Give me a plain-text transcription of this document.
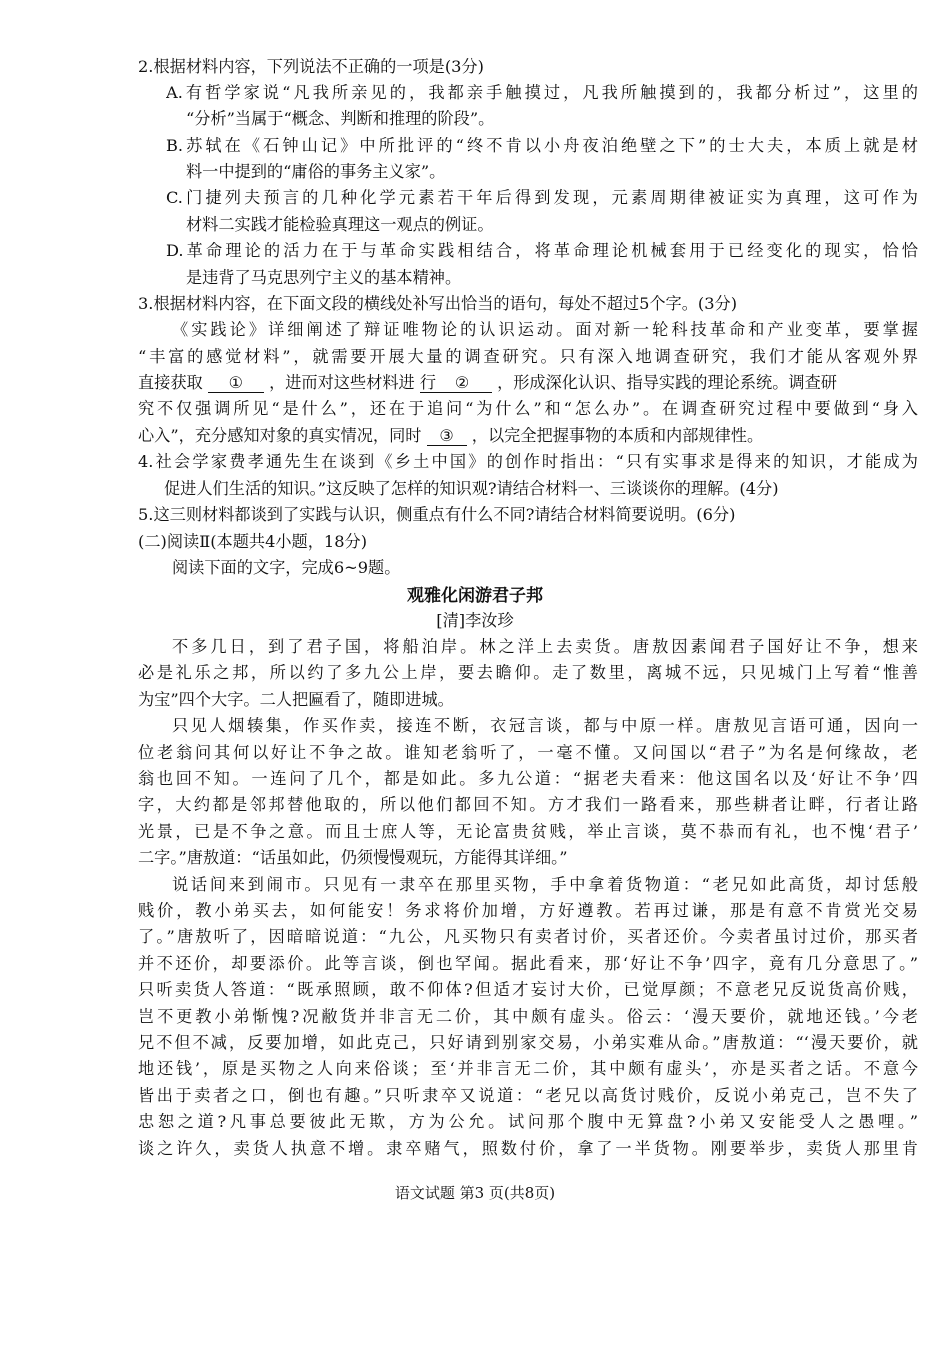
2.根据材料内容，下列说法不正确的一项是(3分)
A.有哲学家说“凡我所亲见的，我都亲手触摸过，凡我所触摸到的，我都分析过”，这里的
“分析”当属于“概念、判断和推理的阶段”。
B.苏轼在《石钟山记》中所批评的“终不肯以小舟夜泊绝壁之下”的士大夫，本质上就是材
料一中提到的“庸俗的事务主义家”。
C.门捷列夫预言的几种化学元素若干年后得到发现，元素周期律被证实为真理，这可作为
材料二实践才能检验真理这一观点的例证。
D.革命理论的活力在于与革命实践相结合，将革命理论机械套用于已经变化的现实，恰恰
是违背了马克思列宁主义的基本精神。
3.根据材料内容，在下面文段的横线处补写出恰当的语句，每处不超过5个字。(3分)
《实践论》详细阐述了辩证唯物论的认识运动。面对新一轮科技革命和产业变革，要掌握
“丰富的感觉材料”，就需要开展大量的调查研究。只有深入地调查研究，我们才能从客观外界
直接获取 ① ，进而对这些材料进 行 ② ，形成深化认识、指导实践的理论系统。调查研
究不仅强调所见“是什么”，还在于追问“为什么”和“怎么办”。在调查研究过程中要做到“身入
心入”，充分感知对象的真实情况，同时 ③ ，以完全把握事物的本质和内部规律性。
4.社会学家费孝通先生在谈到《乡土中国》的创作时指出：“只有实事求是得来的知识，才能成为
促进人们生活的知识。”这反映了怎样的知识观?请结合材料一、三谈谈你的理解。(4分)
5.这三则材料都谈到了实践与认识，侧重点有什么不同?请结合材料简要说明。(6分)
(二)阅读Ⅱ(本题共4小题，18分)
阅读下面的文字，完成6~9题。
观雅化闲游君子邦
[清]李汝珍
不多几日，到了君子国，将船泊岸。林之洋上去卖货。唐敖因素闻君子国好让不争，想来
必是礼乐之邦，所以约了多九公上岸，要去瞻仰。走了数里，离城不远，只见城门上写着“惟善
为宝”四个大字。二人把匾看了，随即进城。
只见人烟辏集，作买作卖，接连不断，衣冠言谈，都与中原一样。唐敖见言语可通，因向一
位老翁问其何以好让不争之故。谁知老翁听了，一毫不懂。又问国以“君子”为名是何缘故，老
翁也回不知。一连问了几个，都是如此。多九公道：“据老夫看来：他这国名以及‘好让不争’四
字，大约都是邻邦替他取的，所以他们都回不知。方才我们一路看来，那些耕者让畔，行者让路
光景，已是不争之意。而且士庶人等，无论富贵贫贱，举止言谈，莫不恭而有礼，也不愧‘君子’
二字。”唐敖道：“话虽如此，仍须慢慢观玩，方能得其详细。”
说话间来到闹市。只见有一隶卒在那里买物，手中拿着货物道：“老兄如此高货，却讨恁般
贱价，教小弟买去，如何能安！务求将价加增，方好遵教。若再过谦，那是有意不肯赏光交易
了。”唐敖听了，因暗暗说道：“九公，凡买物只有卖者讨价，买者还价。今卖者虽讨过价，那买者
并不还价，却要添价。此等言谈，倒也罕闻。据此看来，那‘好让不争’四字，竟有几分意思了。”
只听卖货人答道：“既承照顾，敢不仰体?但适才妄讨大价，已觉厚颜；不意老兄反说货高价贱，
岂不更教小弟惭愧?况敝货并非言无二价，其中颇有虚头。俗云：‘漫天要价，就地还钱。’今老
兄不但不减，反要加增，如此克己，只好请到别家交易，小弟实难从命。”唐敖道：“‘漫天要价，就
地还钱’，原是买物之人向来俗谈；至‘并非言无二价，其中颇有虚头’，亦是买者之话。不意今
皆出于卖者之口，倒也有趣。”只听隶卒又说道：“老兄以高货讨贱价，反说小弟克己，岂不失了
忠恕之道?凡事总要彼此无欺，方为公允。试问那个腹中无算盘?小弟又安能受人之愚哩。”
谈之许久，卖货人执意不增。隶卒赌气，照数付价，拿了一半货物。刚要举步，卖货人那里肯
语文试题 第3 页(共8页)
